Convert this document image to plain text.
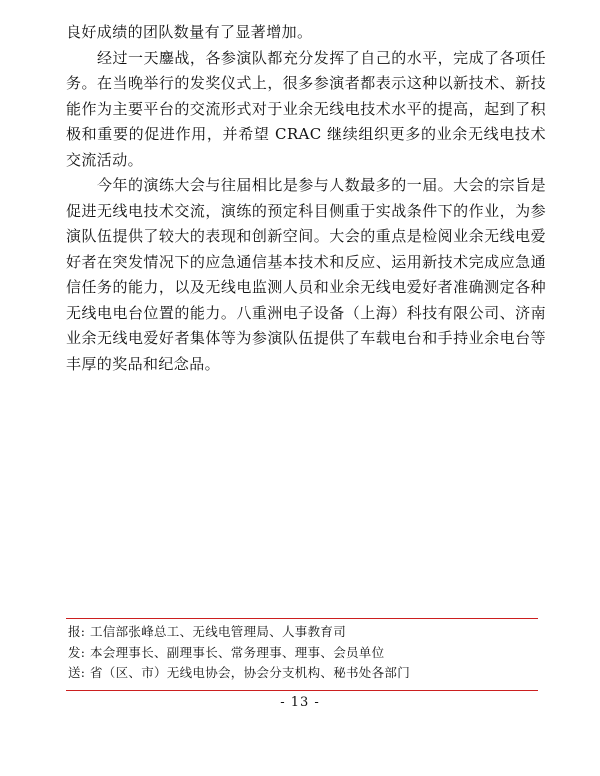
良好成绩的团队数量有了显著增加。

经过一天鏖战，各参演队都充分发挥了自己的水平，完成了各项任务。在当晚举行的发奖仪式上，很多参演者都表示这种以新技术、新技能作为主要平台的交流形式对于业余无线电技术水平的提高，起到了积极和重要的促进作用，并希望 CRAC 继续组织更多的业余无线电技术交流活动。

今年的演练大会与往届相比是参与人数最多的一届。大会的宗旨是促进无线电技术交流，演练的预定科目侧重于实战条件下的作业，为参演队伍提供了较大的表现和创新空间。大会的重点是检阅业余无线电爱好者在突发情况下的应急通信基本技术和反应、运用新技术完成应急通信任务的能力，以及无线电监测人员和业余无线电爱好者准确测定各种无线电电台位置的能力。八重洲电子设备（上海）科技有限公司、济南业余无线电爱好者集体等为参演队伍提供了车载电台和手持业余电台等丰厚的奖品和纪念品。

报: 工信部张峰总工、无线电管理局、人事教育司
发: 本会理事长、副理事长、常务理事、理事、会员单位
送: 省（区、市）无线电协会，协会分支机构、秘书处各部门
- 13 -
